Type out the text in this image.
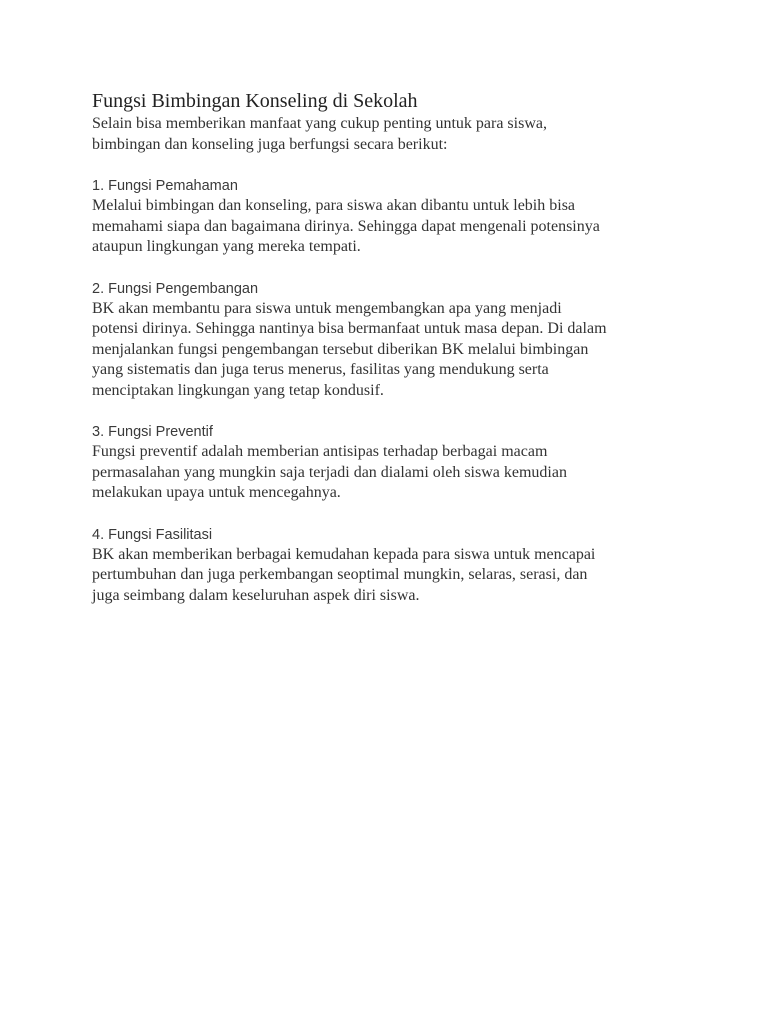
Fungsi Bimbingan Konseling di Sekolah
Selain bisa memberikan manfaat yang cukup penting untuk para siswa,
bimbingan dan konseling juga berfungsi secara berikut:
1. Fungsi Pemahaman
Melalui bimbingan dan konseling, para siswa akan dibantu untuk lebih bisa
memahami siapa dan bagaimana dirinya. Sehingga dapat mengenali potensinya
ataupun lingkungan yang mereka tempati.
2. Fungsi Pengembangan
BK akan membantu para siswa untuk mengembangkan apa yang menjadi
potensi dirinya. Sehingga nantinya bisa bermanfaat untuk masa depan. Di dalam
menjalankan fungsi pengembangan tersebut diberikan BK melalui bimbingan
yang sistematis dan juga terus menerus, fasilitas yang mendukung serta
menciptakan lingkungan yang tetap kondusif.
3. Fungsi Preventif
Fungsi preventif adalah memberian antisipas terhadap berbagai macam
permasalahan yang mungkin saja terjadi dan dialami oleh siswa kemudian
melakukan upaya untuk mencegahnya.
4. Fungsi Fasilitasi
BK akan memberikan berbagai kemudahan kepada para siswa untuk mencapai
pertumbuhan dan juga perkembangan seoptimal mungkin, selaras, serasi, dan
juga seimbang dalam keseluruhan aspek diri siswa.
